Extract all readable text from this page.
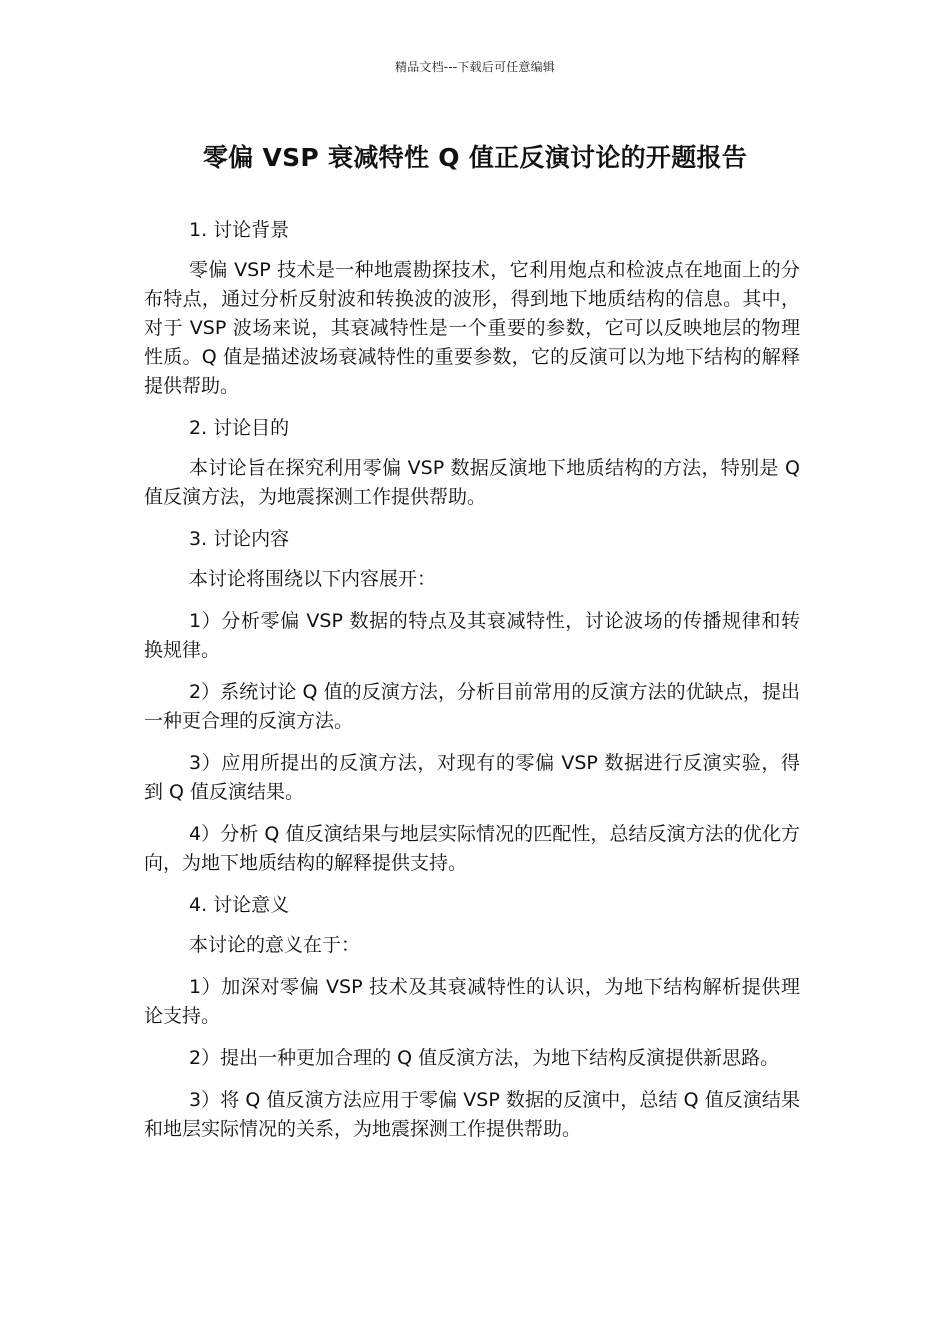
精品文档---下载后可任意编辑
零偏 VSP 衰减特性 Q 值正反演讨论的开题报告
1. 讨论背景

零偏 VSP 技术是一种地震勘探技术，它利用炮点和检波点在地面上的分布特点，通过分析反射波和转换波的波形，得到地下地质结构的信息。其中，对于 VSP 波场来说，其衰减特性是一个重要的参数，它可以反映地层的物理性质。Q 值是描述波场衰减特性的重要参数，它的反演可以为地下结构的解释提供帮助。

2. 讨论目的

本讨论旨在探究利用零偏 VSP 数据反演地下地质结构的方法，特别是 Q 值反演方法，为地震探测工作提供帮助。

3. 讨论内容

本讨论将围绕以下内容展开：

1）分析零偏 VSP 数据的特点及其衰减特性，讨论波场的传播规律和转换规律。

2）系统讨论 Q 值的反演方法，分析目前常用的反演方法的优缺点，提出一种更合理的反演方法。

3）应用所提出的反演方法，对现有的零偏 VSP 数据进行反演实验，得到 Q 值反演结果。

4）分析 Q 值反演结果与地层实际情况的匹配性，总结反演方法的优化方向，为地下地质结构的解释提供支持。

4. 讨论意义

本讨论的意义在于：

1）加深对零偏 VSP 技术及其衰减特性的认识，为地下结构解析提供理论支持。

2）提出一种更加合理的 Q 值反演方法，为地下结构反演提供新思路。

3）将 Q 值反演方法应用于零偏 VSP 数据的反演中，总结 Q 值反演结果和地层实际情况的关系，为地震探测工作提供帮助。
